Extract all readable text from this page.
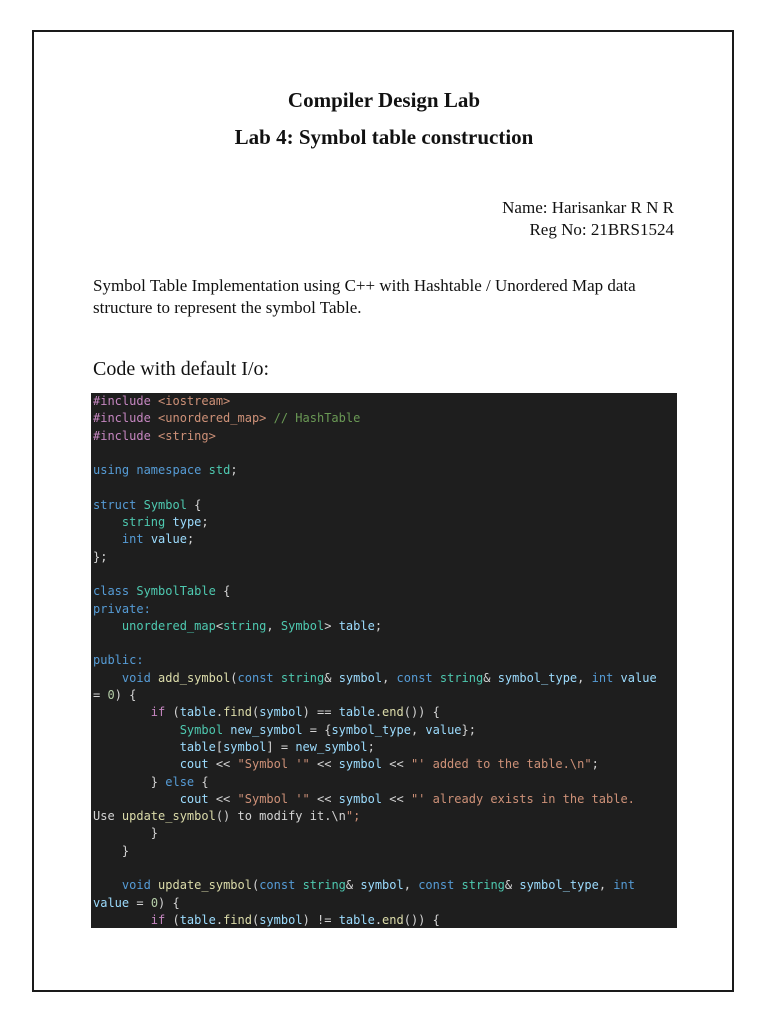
Compiler Design Lab
Lab 4: Symbol table construction
Name: Harisankar R N R
Reg No: 21BRS1524
Symbol Table Implementation using C++ with Hashtable / Unordered Map data structure to represent the symbol Table.
Code with default I/o:
#include <iostream>
#include <unordered_map> // HashTable
#include <string>

using namespace std;

struct Symbol {
string type;
int value;
};

class SymbolTable {
private:
unordered_map<string, Symbol> table;

public:
void add_symbol(const string& symbol, const string& symbol_type, int value
= 0) {
if (table.find(symbol) == table.end()) {
Symbol new_symbol = {symbol_type, value};
table[symbol] = new_symbol;
cout << "Symbol '" << symbol << "' added to the table.\n";
} else {
cout << "Symbol '" << symbol << "' already exists in the table.
Use update_symbol() to modify it.\n";
}
}

void update_symbol(const string& symbol, const string& symbol_type, int
value = 0) {
if (table.find(symbol) != table.end()) {
